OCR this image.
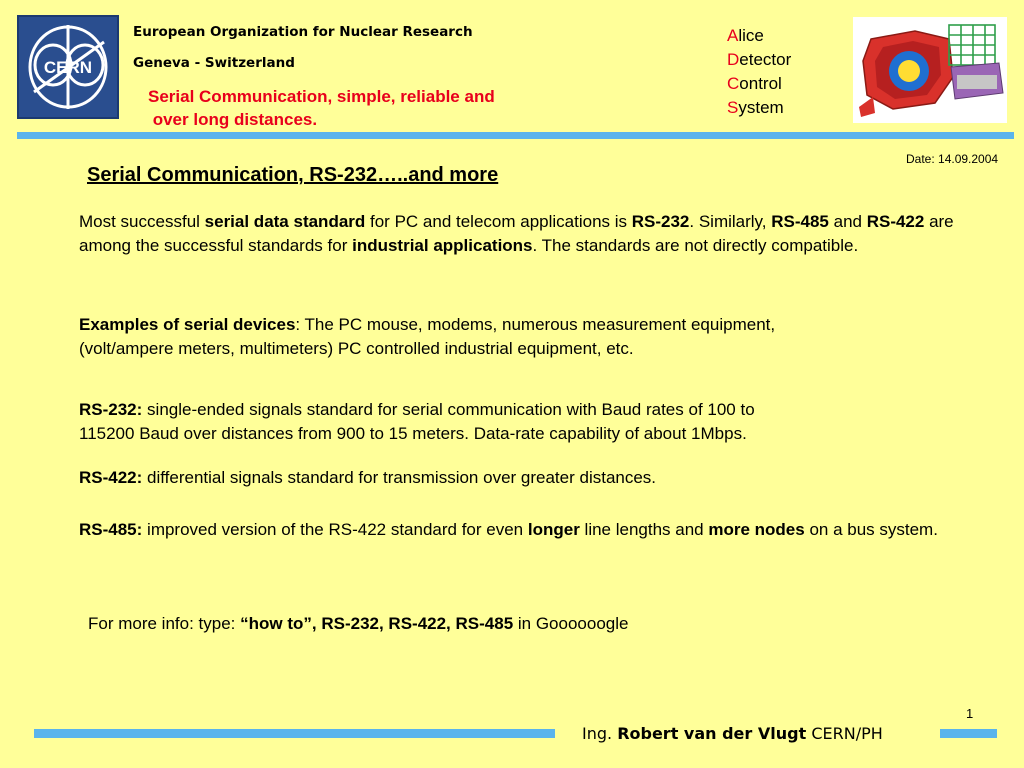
CERN
European Organization for Nuclear Research
Geneva - Switzerland
Serial Communication, simple, reliable and
over long distances.
Alice
Detector
Control
System
Date: 14.09.2004
Serial Communication, RS-232…..and more
Most successful serial data standard for PC and telecom applications is RS-232. Similarly, RS-485 and RS-422 are among the successful standards for industrial applications. The standards are not directly compatible.
Examples of serial devices: The PC mouse, modems, numerous measurement equipment,
(volt/ampere meters, multimeters) PC controlled industrial equipment, etc.
RS-232: single-ended signals standard for serial communication with Baud rates of 100 to
115200 Baud over distances from 900 to 15 meters. Data-rate capability of about 1Mbps.
RS-422: differential signals standard for transmission over greater distances.
RS-485: improved version of the RS-422 standard for even longer line lengths and more nodes on a bus system.
For more info: type: “how to”, RS-232, RS-422, RS-485 in Goooooogle
1
Ing. Robert van der Vlugt CERN/PH
